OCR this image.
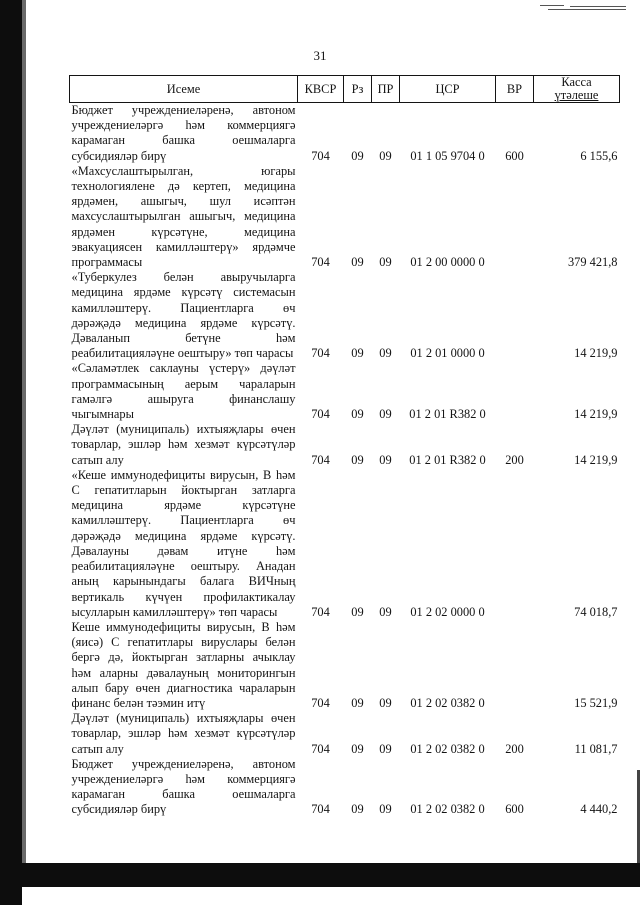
31
Исеме	КВСР	Рз	ПР	ЦСР	ВР	Касса
үтәлеше

Бюджет учреждениеләренә, автоном учреждениеләргә һәм коммерциягә карамаган башка оешмаларга субсидияләр бирү	704	09	09	01 1 05 9704 0	600	6 155,6
«Махсуслаштырылган, югары технологиялене дә кертеп, медицина ярдәмен, ашыгыч, шул исәптән махсуслаштырылган ашыгыч, медицина ярдәмен күрсәтүне, медицина эвакуациясен камилләштерү» ярдәмче программасы	704	09	09	01 2 00 0000 0		379 421,8
«Туберкулез белән авыручыларга медицина ярдәме күрсәтү системасын камилләштерү. Пациентларга өч дәрәҗәдә медицина ярдәме күрсәтү. Дәваланып бетүне һәм реабилитацияләүне оештыру» төп чарасы	704	09	09	01 2 01 0000 0		14 219,9
«Сәламәтлек саклауны үстерү» дәүләт программасының аерым чараларын гамәлгә ашыруга финанслашу чыгымнары	704	09	09	01 2 01 R382 0		14 219,9
Дәүләт (муниципаль) ихтыяҗлары өчен товарлар, эшләр һәм хезмәт күрсәтүләр сатып алу	704	09	09	01 2 01 R382 0	200	14 219,9
«Кеше иммунодефициты вирусын, В һәм С гепатитларын йоктырган затларга медицина ярдәме күрсәтүне камилләштерү. Пациентларга өч дәрәҗәдә медицина ярдәме күрсәтү. Дәвалауны дәвам итүне һәм реабилитацияләүне оештыру. Анадан аның карынындагы балага ВИЧның вертикаль күчүен профилактикалау ысулларын камилләштерү» төп чарасы	704	09	09	01 2 02 0000 0		74 018,7
Кеше иммунодефициты вирусын, В һәм (яисә) С гепатитлары вируслары белән бергә дә, йоктырган затларны ачыклау һәм аларны дәвалауның мониторингын алып бару өчен диагностика чараларын финанс белән тәэмин итү	704	09	09	01 2 02 0382 0		15 521,9
Дәүләт (муниципаль) ихтыяҗлары өчен товарлар, эшләр һәм хезмәт күрсәтүләр сатып алу	704	09	09	01 2 02 0382 0	200	11 081,7
Бюджет учреждениеләренә, автоном учреждениеләргә һәм коммерциягә карамаган башка оешмаларга субсидияләр бирү	704	09	09	01 2 02 0382 0	600	4 440,2
